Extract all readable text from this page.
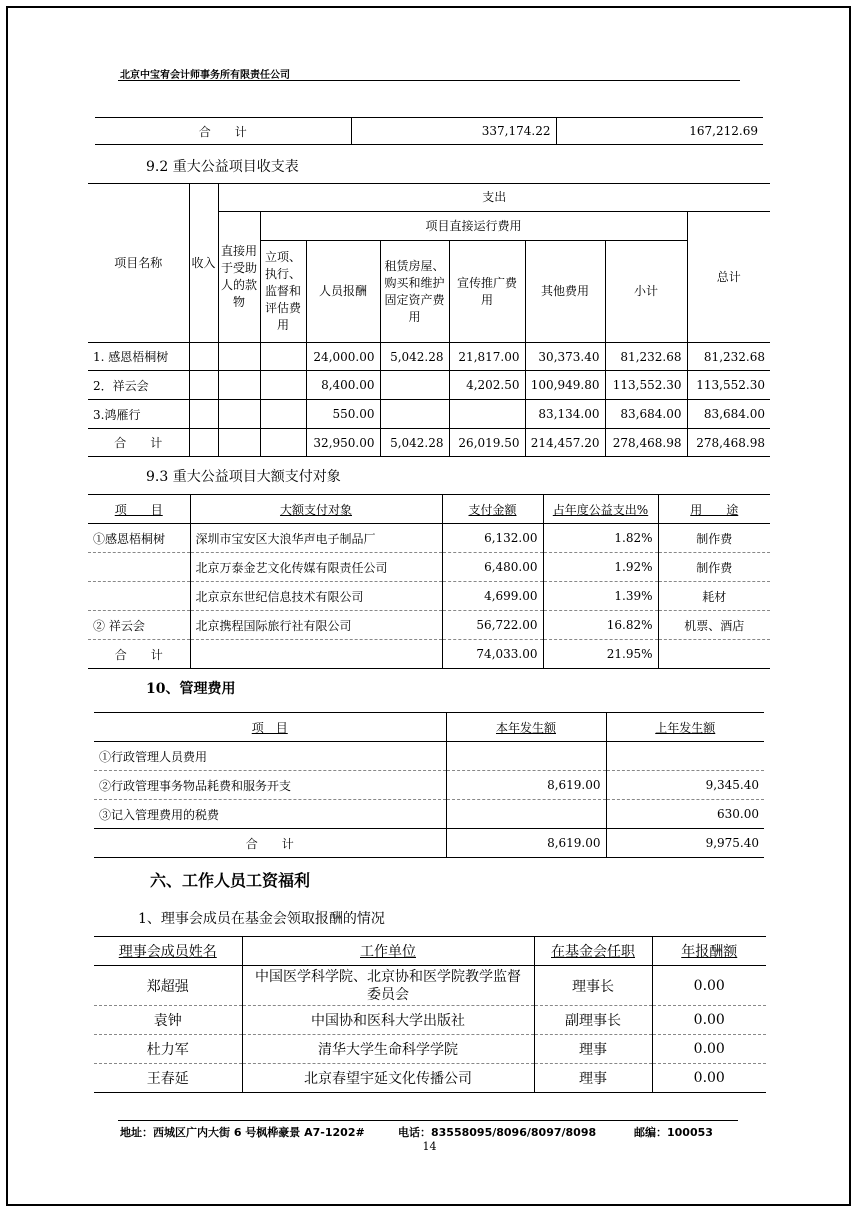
北京中宝宥会计师事务所有限责任公司
合　　计	337,174.22	167,212.69
9.2 重大公益项目收支表
项目名称	收入	支出							
		直接用于受助人的款物	项目直接运行费用						总计
			立项、执行、监督和评估费用	人员报酬	租赁房屋、购买和维护固定资产费用	宣传推广费用	其他费用	小计	
1. 感恩梧桐树				24,000.00	5,042.28	21,817.00	30,373.40	81,232.68	81,232.68
2．祥云会				8,400.00		4,202.50	100,949.80	113,552.30	113,552.30
3.鸿雁行				550.00			83,134.00	83,684.00	83,684.00
合　　计				32,950.00	5,042.28	26,019.50	214,457.20	278,468.98	278,468.98
9.3 重大公益项目大额支付对象
项　　目	大额支付对象	支付金额	占年度公益支出%	用　　途
①感恩梧桐树	深圳市宝安区大浪华声电子制品厂	6,132.00	1.82%	制作费
	北京万泰金艺文化传媒有限责任公司	6,480.00	1.92%	制作费
	北京京东世纪信息技术有限公司	4,699.00	1.39%	耗材
② 祥云会	北京携程国际旅行社有限公司	56,722.00	16.82%	机票、酒店
合　　计		74,033.00	21.95%	
10、管理费用
项　目	本年发生额	上年发生额
①行政管理人员费用		
②行政管理事务物品耗费和服务开支	8,619.00	9,345.40
③记入管理费用的税费		630.00
合　　计	8,619.00	9,975.40
六、工作人员工资福利
1、理事会成员在基金会领取报酬的情况
理事会成员姓名	工作单位	在基金会任职	年报酬额
郑超强	中国医学科学院、北京协和医学院教学监督委员会	理事长	0.00
袁钟	中国协和医科大学出版社	副理事长	0.00
杜力军	清华大学生命科学学院	理事	0.00
王春延	北京春望宇延文化传播公司	理事	0.00
地址：西城区广内大街 6 号枫桦豪景 A7-1202#	电话：83558095/8096/8097/8098	邮编：100053
14
